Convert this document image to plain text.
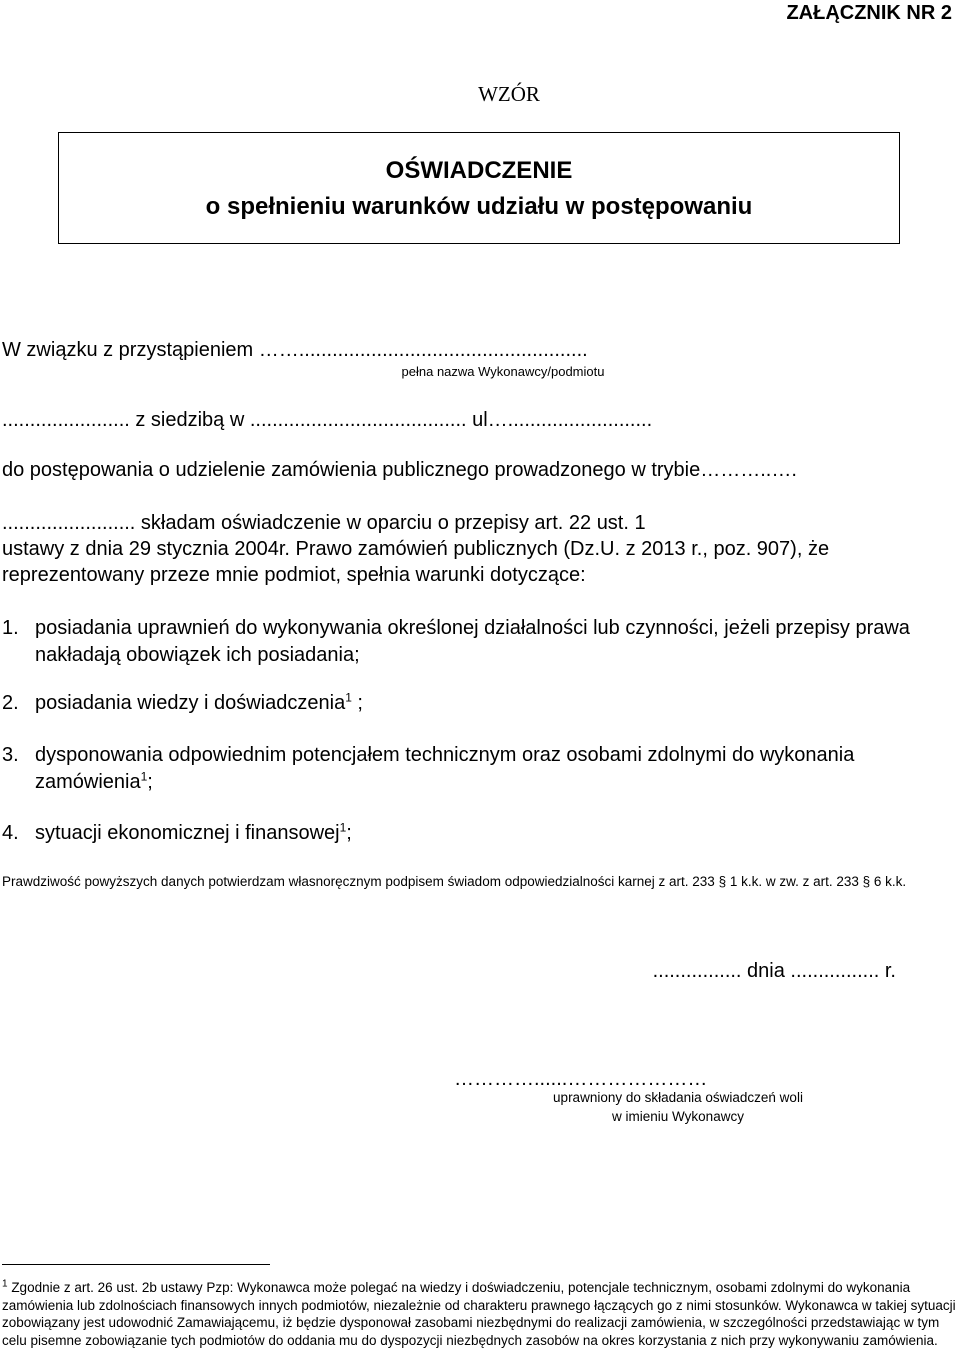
ZAŁĄCZNIK NR 2
WZÓR
OŚWIADCZENIE
o spełnieniu warunków udziału w postępowaniu
W związku z przystąpieniem ……....................................................
pełna nazwa Wykonawcy/podmiotu
....................... z siedzibą w ....................................... ul…..........................
do postępowania o udzielenie zamówienia publicznego prowadzonego w trybie………..….
........................ składam oświadczenie w oparciu o przepisy art. 22 ust. 1
ustawy z dnia 29 stycznia 2004r. Prawo zamówień publicznych (Dz.U. z 2013 r., poz. 907), że
reprezentowany przeze mnie podmiot, spełnia warunki dotyczące:
1. posiadania uprawnień do wykonywania określonej działalności lub czynności, jeżeli przepisy prawa nakładają obowiązek ich posiadania;
2. posiadania wiedzy i doświadczenia$^1$ ;
3. dysponowania odpowiednim potencjałem technicznym oraz osobami zdolnymi do wykonania zamówienia$^1$;
4. sytuacji ekonomicznej i finansowej$^1$;
Prawdziwość powyższych danych potwierdzam własnoręcznym podpisem świadom odpowiedzialności karnej z art. 233 § 1 k.k. w zw. z art. 233 § 6 k.k.
................ dnia ................ r.
…………......…………………
uprawniony do składania oświadczeń woli
w imieniu Wykonawcy
$^1$ Zgodnie z art. 26 ust. 2b ustawy Pzp: Wykonawca może polegać na wiedzy i doświadczeniu, potencjale technicznym, osobami zdolnymi do wykonania zamówienia lub zdolnościach finansowych innych podmiotów, niezależnie od charakteru prawnego łączących go z nimi stosunków. Wykonawca w takiej sytuacji zobowiązany jest udowodnić Zamawiającemu, iż będzie dysponował zasobami niezbędnymi do realizacji zamówienia, w szczególności przedstawiając w tym celu pisemne zobowiązanie tych podmiotów do oddania mu do dyspozycji niezbędnych zasobów na okres korzystania z nich przy wykonywaniu zamówienia.
